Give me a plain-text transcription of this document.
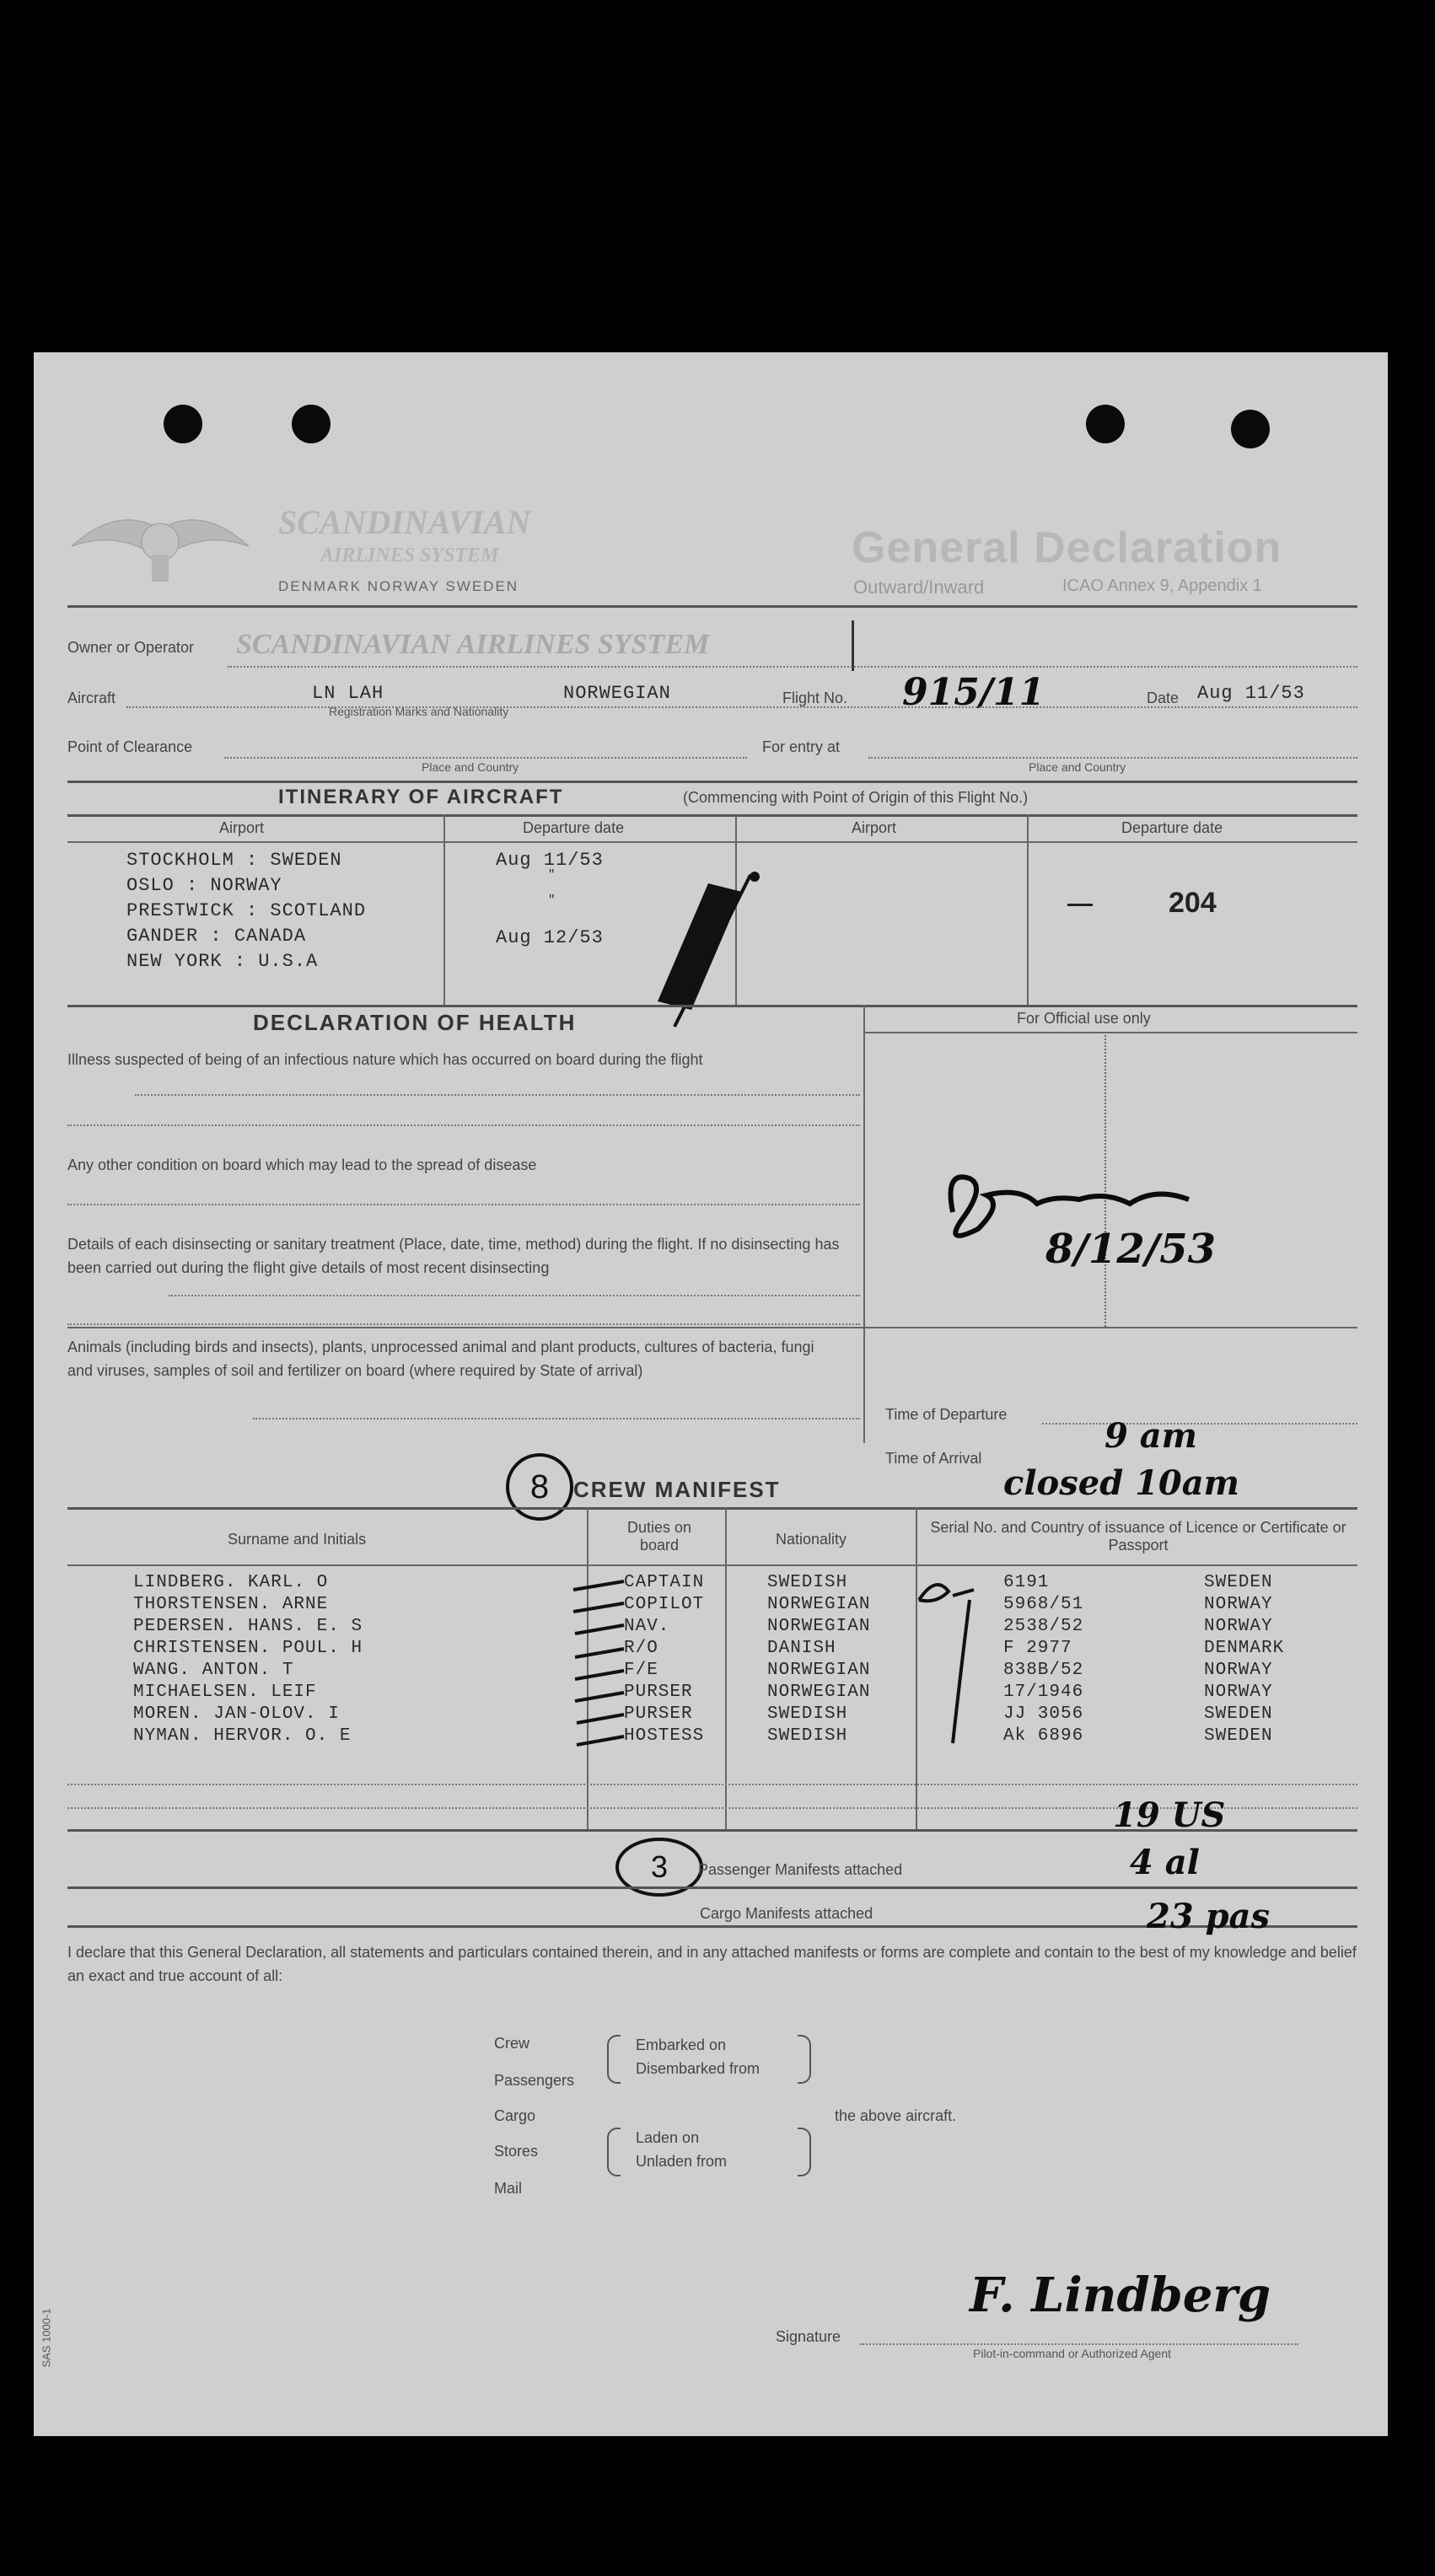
SCANDINAVIAN
AIRLINES SYSTEM
DENMARK NORWAY SWEDEN
General Declaration
Outward/Inward	ICAO Annex 9, Appendix 1
Owner or Operator SCANDINAVIAN AIRLINES SYSTEM
Aircraft	LN LAH	NORWEGIAN
Registration Marks and Nationality
Flight No. 915/11	Date Aug 11/53
Point of Clearance	For entry at
Place and Country	Place and Country
ITINERARY OF AIRCRAFT	(Commencing with Point of Origin of this Flight No.)
Airport	Departure date	Airport	Departure date
STOCKHOLM : SWEDEN	Aug 11/53
OSLO : NORWAY	"
PRESTWICK : SCOTLAND	"
GANDER : CANADA	Aug 12/53
NEW YORK : U.S.A
204
DECLARATION OF HEALTH	For Official use only
Illness suspected of being of an infectious nature which has occurred on board during the flight
Any other condition on board which may lead to the spread of disease
Details of each disinsecting or sanitary treatment (Place, date, time, method) during the flight. If no disinsecting has been carried out during the flight give details of most recent disinsecting
Animals (including birds and insects), plants, unprocessed animal and plant products, cultures of bacteria, fungi and viruses, samples of soil and fertilizer on board (where required by State of arrival)
8/12/53
Time of Departure
Time of Arrival
9 am
closed 10am
8	CREW MANIFEST
Surname and Initials
Duties on board	Nationality
Serial No. and Country of issuance of Licence or Certificate or Passport
LINDBERG. KARL. O	CAPTAIN	SWEDISH	6191	SWEDEN
THORSTENSEN. ARNE	COPILOT	NORWEGIAN	5968/51	NORWAY
PEDERSEN. HANS. E. S	NAV.	NORWEGIAN	2538/52	NORWAY
CHRISTENSEN. POUL. H	R/O	DANISH	F 2977	DENMARK
WANG. ANTON. T	F/E	NORWEGIAN	838B/52	NORWAY
MICHAELSEN. LEIF	PURSER	NORWEGIAN	17/1946	NORWAY
MOREN. JAN-OLOV. I	PURSER	SWEDISH	JJ 3056	SWEDEN
NYMAN. HERVOR. O. E	HOSTESS	SWEDISH	Ak 6896	SWEDEN
3	Passenger Manifests attached
Cargo Manifests attached
19 US
4 al
23 pas
I declare that this General Declaration, all statements and particulars contained therein, and in any attached manifests or forms are complete and contain to the best of my knowledge and belief an exact and true account of all:
Crew
Passengers
Cargo
Stores
Mail
Embarked on
Disembarked from
Laden on
Unladen from
the above aircraft.
Signature
Pilot-in-command or Authorized Agent
F. Lindberg
SAS 1000-1
